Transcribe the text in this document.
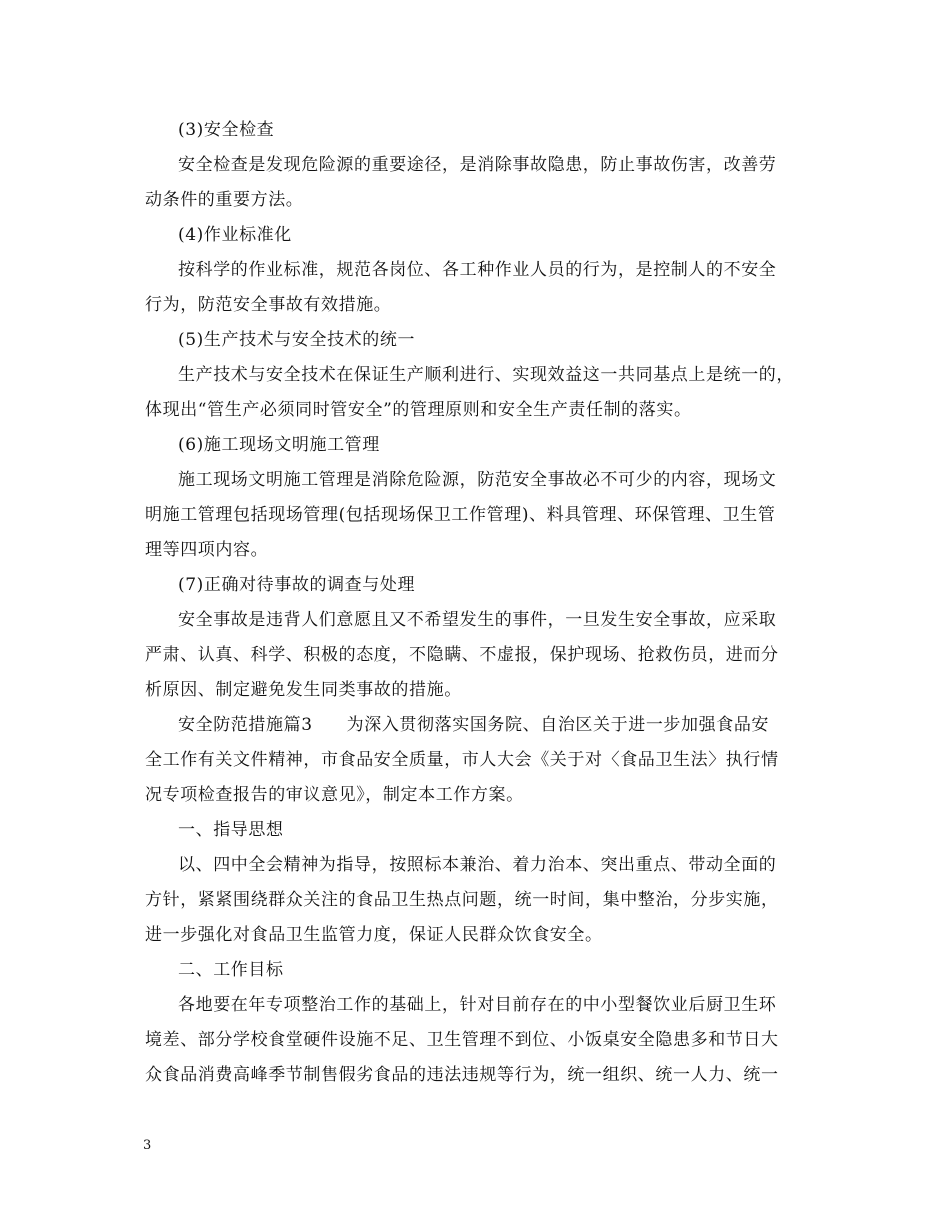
(3)安全检查
安全检查是发现危险源的重要途径，是消除事故隐患，防止事故伤害，改善劳
动条件的重要方法。
(4)作业标准化
按科学的作业标准，规范各岗位、各工种作业人员的行为，是控制人的不安全
行为，防范安全事故有效措施。
(5)生产技术与安全技术的统一
生产技术与安全技术在保证生产顺利进行、实现效益这一共同基点上是统一的，
体现出“管生产必须同时管安全”的管理原则和安全生产责任制的落实。
(6)施工现场文明施工管理
施工现场文明施工管理是消除危险源，防范安全事故必不可少的内容，现场文
明施工管理包括现场管理(包括现场保卫工作管理)、料具管理、环保管理、卫生管
理等四项内容。
(7)正确对待事故的调查与处理
安全事故是违背人们意愿且又不希望发生的事件，一旦发生安全事故，应采取
严肃、认真、科学、积极的态度，不隐瞒、不虚报，保护现场、抢救伤员，进而分
析原因、制定避免发生同类事故的措施。
安全防范措施篇3 为深入贯彻落实国务院、自治区关于进一步加强食品安
全工作有关文件精神，市食品安全质量，市人大会《关于对〈食品卫生法〉执行情
况专项检查报告的审议意见》，制定本工作方案。
一、指导思想
以、四中全会精神为指导，按照标本兼治、着力治本、突出重点、带动全面的
方针，紧紧围绕群众关注的食品卫生热点问题，统一时间，集中整治，分步实施，
进一步强化对食品卫生监管力度，保证人民群众饮食安全。
二、工作目标
各地要在年专项整治工作的基础上，针对目前存在的中小型餐饮业后厨卫生环
境差、部分学校食堂硬件设施不足、卫生管理不到位、小饭桌安全隐患多和节日大
众食品消费高峰季节制售假劣食品的违法违规等行为，统一组织、统一人力、统一
3
